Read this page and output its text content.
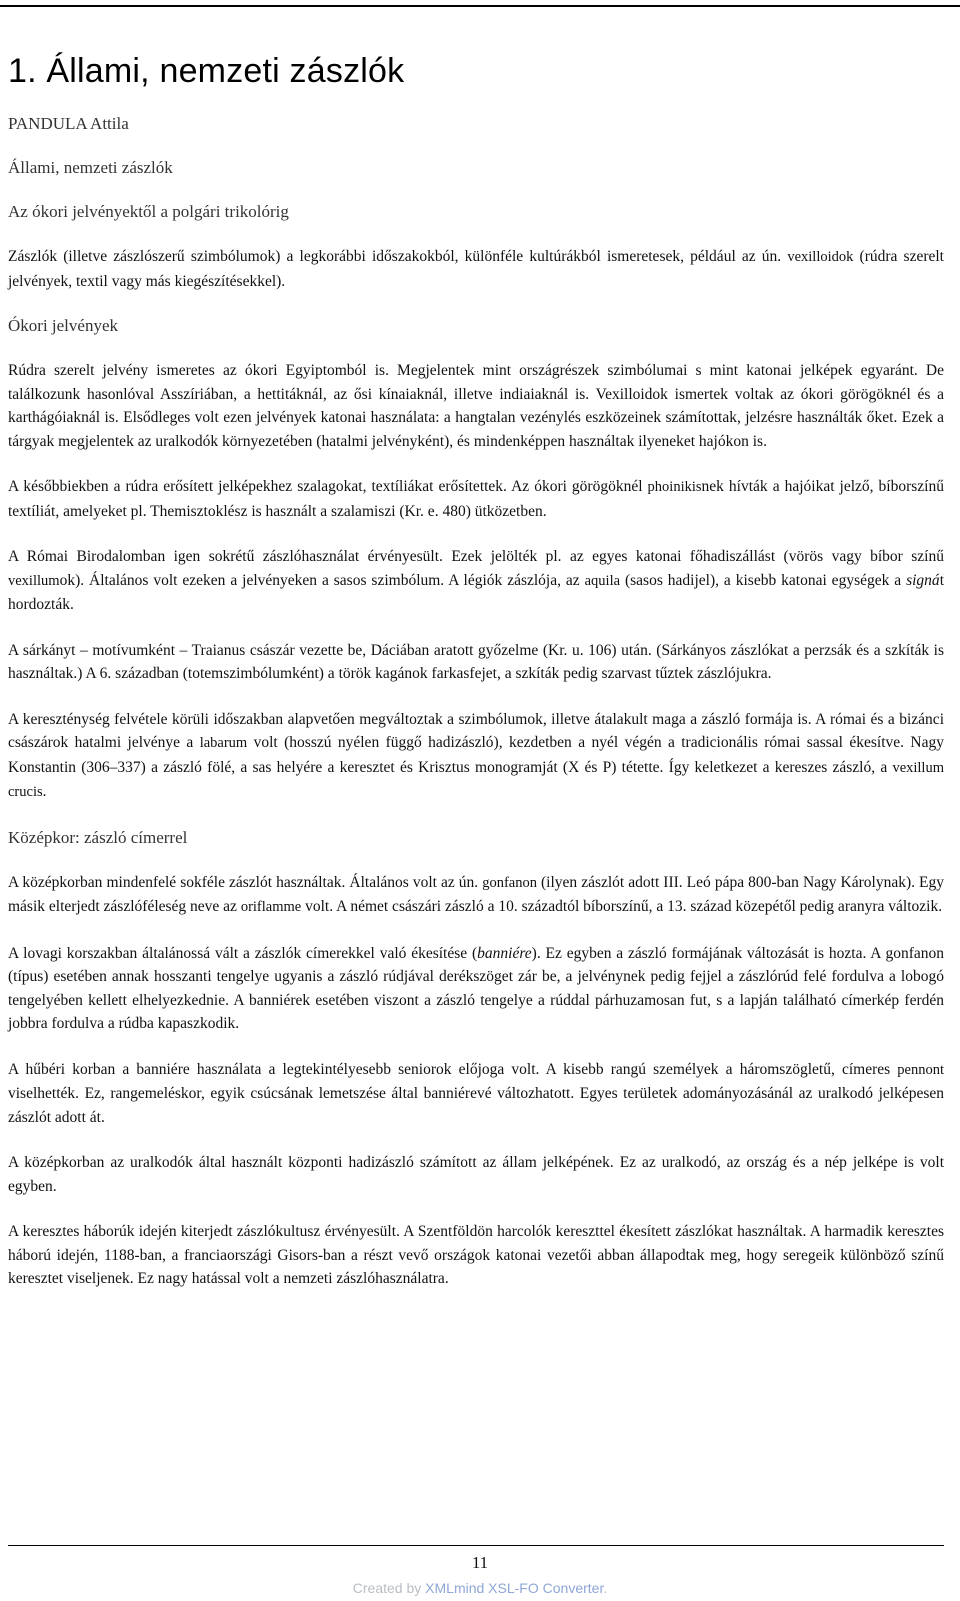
1. Állami, nemzeti zászlók
PANDULA Attila
Állami, nemzeti zászlók
Az ókori jelvényektől a polgári trikolórig

Zászlók (illetve zászlószerű szimbólumok) a legkorábbi időszakokból, különféle kultúrákból ismeretesek, például az ún. vexilloidok (rúdra szerelt jelvények, textil vagy más kiegészítésekkel).

Ókori jelvények

Rúdra szerelt jelvény ismeretes az ókori Egyiptomból is. Megjelentek mint országrészek szimbólumai s mint katonai jelképek egyaránt. De találkozunk hasonlóval Asszíriában, a hettitáknál, az ősi kínaiaknál, illetve indiaiaknál is. Vexilloidok ismertek voltak az ókori görögöknél és a karthágóiaknál is. Elsődleges volt ezen jelvények katonai használata: a hangtalan vezénylés eszközeinek számítottak, jelzésre használták őket. Ezek a tárgyak megjelentek az uralkodók környezetében (hatalmi jelvényként), és mindenképpen használtak ilyeneket hajókon is.

A későbbiekben a rúdra erősített jelképekhez szalagokat, textíliákat erősítettek. Az ókori görögöknél phoinikisnek hívták a hajóikat jelző, bíborszínű textíliát, amelyeket pl. Themisztoklész is használt a szalamiszi (Kr. e. 480) ütközetben.

A Római Birodalomban igen sokrétű zászlóhasználat érvényesült. Ezek jelölték pl. az egyes katonai főhadiszállást (vörös vagy bíbor színű vexillumok). Általános volt ezeken a jelvényeken a sasos szimbólum. A légiók zászlója, az aquila (sasos hadijel), a kisebb katonai egységek a signát hordozták.

A sárkányt – motívumként – Traianus császár vezette be, Dáciában aratott győzelme (Kr. u. 106) után. (Sárkányos zászlókat a perzsák és a szkíták is használtak.) A 6. században (totemszimbólumként) a török kagánok farkasfejet, a szkíták pedig szarvast tűztek zászlójukra.

A kereszténység felvétele körüli időszakban alapvetően megváltoztak a szimbólumok, illetve átalakult maga a zászló formája is. A római és a bizánci császárok hatalmi jelvénye a labarum volt (hosszú nyélen függő hadizászló), kezdetben a nyél végén a tradicionális római sassal ékesítve. Nagy Konstantin (306–337) a zászló fölé, a sas helyére a keresztet és Krisztus monogramját (X és P) tétette. Így keletkezet a kereszes zászló, a vexillum crucis.

Középkor: zászló címerrel

A középkorban mindenfelé sokféle zászlót használtak. Általános volt az ún. gonfanon (ilyen zászlót adott III. Leó pápa 800-ban Nagy Károlynak). Egy másik elterjedt zászlóféleség neve az oriflamme volt. A német császári zászló a 10. századtól bíborszínű, a 13. század közepétől pedig aranyra változik.

A lovagi korszakban általánossá vált a zászlók címerekkel való ékesítése (banniére). Ez egyben a zászló formájának változását is hozta. A gonfanon (típus) esetében annak hosszanti tengelye ugyanis a zászló rúdjával derékszöget zár be, a jelvénynek pedig fejjel a zászlórúd felé fordulva a lobogó tengelyében kellett elhelyezkednie. A banniérek esetében viszont a zászló tengelye a rúddal párhuzamosan fut, s a lapján található címerkép ferdén jobbra fordulva a rúdba kapaszkodik.

A hűbéri korban a banniére használata a legtekintélyesebb seniorok előjoga volt. A kisebb rangú személyek a háromszögletű, címeres pennont viselhették. Ez, rangemeléskor, egyik csúcsának lemetszése által banniérevé változhatott. Egyes területek adományozásánál az uralkodó jelképesen zászlót adott át.

A középkorban az uralkodók által használt központi hadizászló számított az állam jelképének. Ez az uralkodó, az ország és a nép jelképe is volt egyben.

A keresztes háborúk idején kiterjedt zászlókultusz érvényesült. A Szentföldön harcolók kereszttel ékesített zászlókat használtak. A harmadik keresztes háború idején, 1188-ban, a franciaországi Gisors-ban a részt vevő országok katonai vezetői abban állapodtak meg, hogy seregeik különböző színű keresztet viseljenek. Ez nagy hatással volt a nemzeti zászlóhasználatra.

11
Created by XMLmind XSL-FO Converter.
